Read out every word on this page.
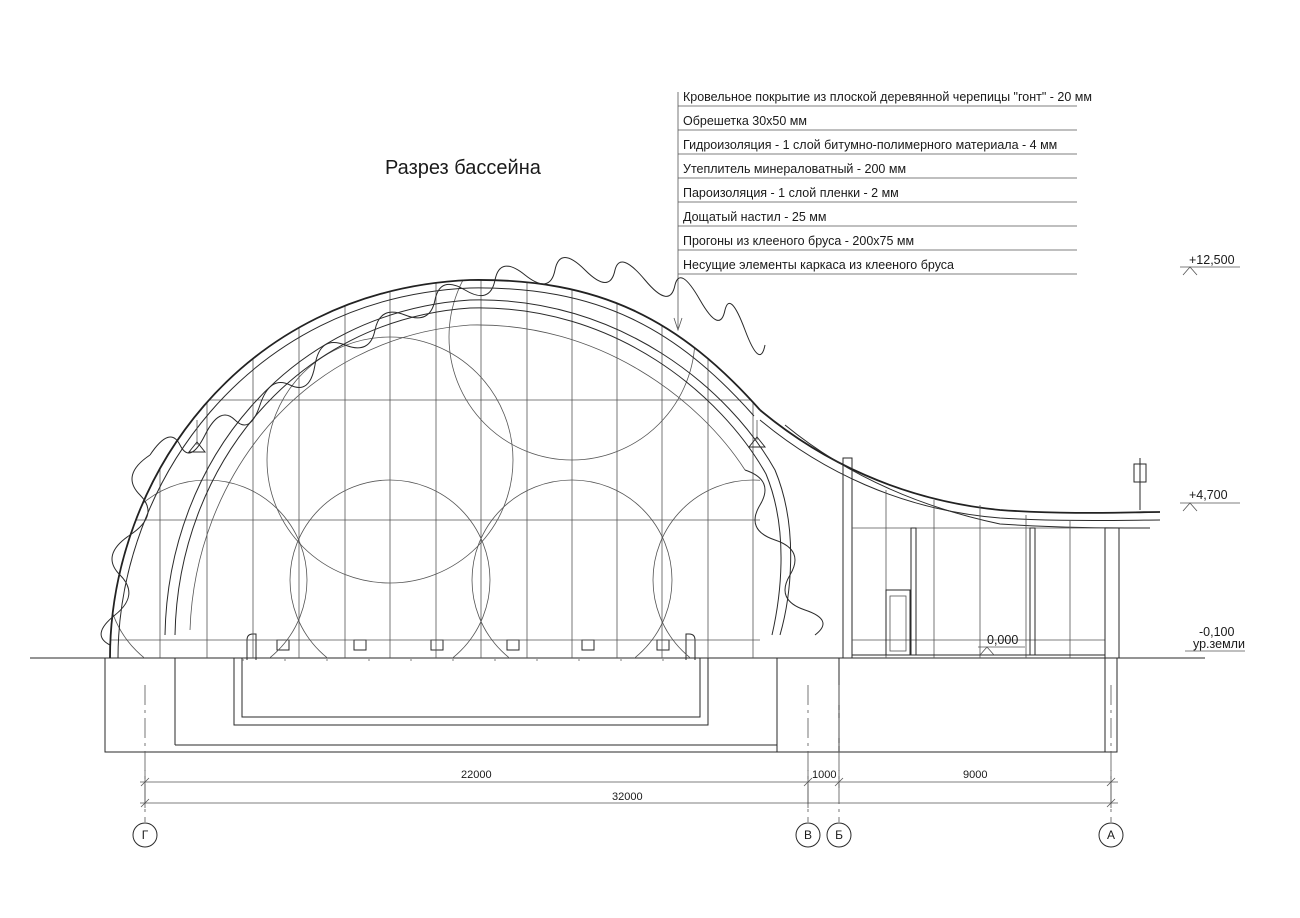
Разрез бассейна
Кровельное покрытие из плоской деревянной черепицы "гонт" - 20 мм
Обрешетка 30х50 мм
Гидроизоляция - 1 слой битумно-полимерного материала - 4 мм
Утеплитель минераловатный - 200 мм
Пароизоляция - 1 слой пленки - 2 мм
Дощатый настил - 25 мм
Прогоны из клееного бруса - 200х75 мм
Несущие элементы каркаса из клееного бруса	+12,500
+4,700
-0,100
ур.земли
0,000
22000	1000	9000
32000
Г	В Б	А
